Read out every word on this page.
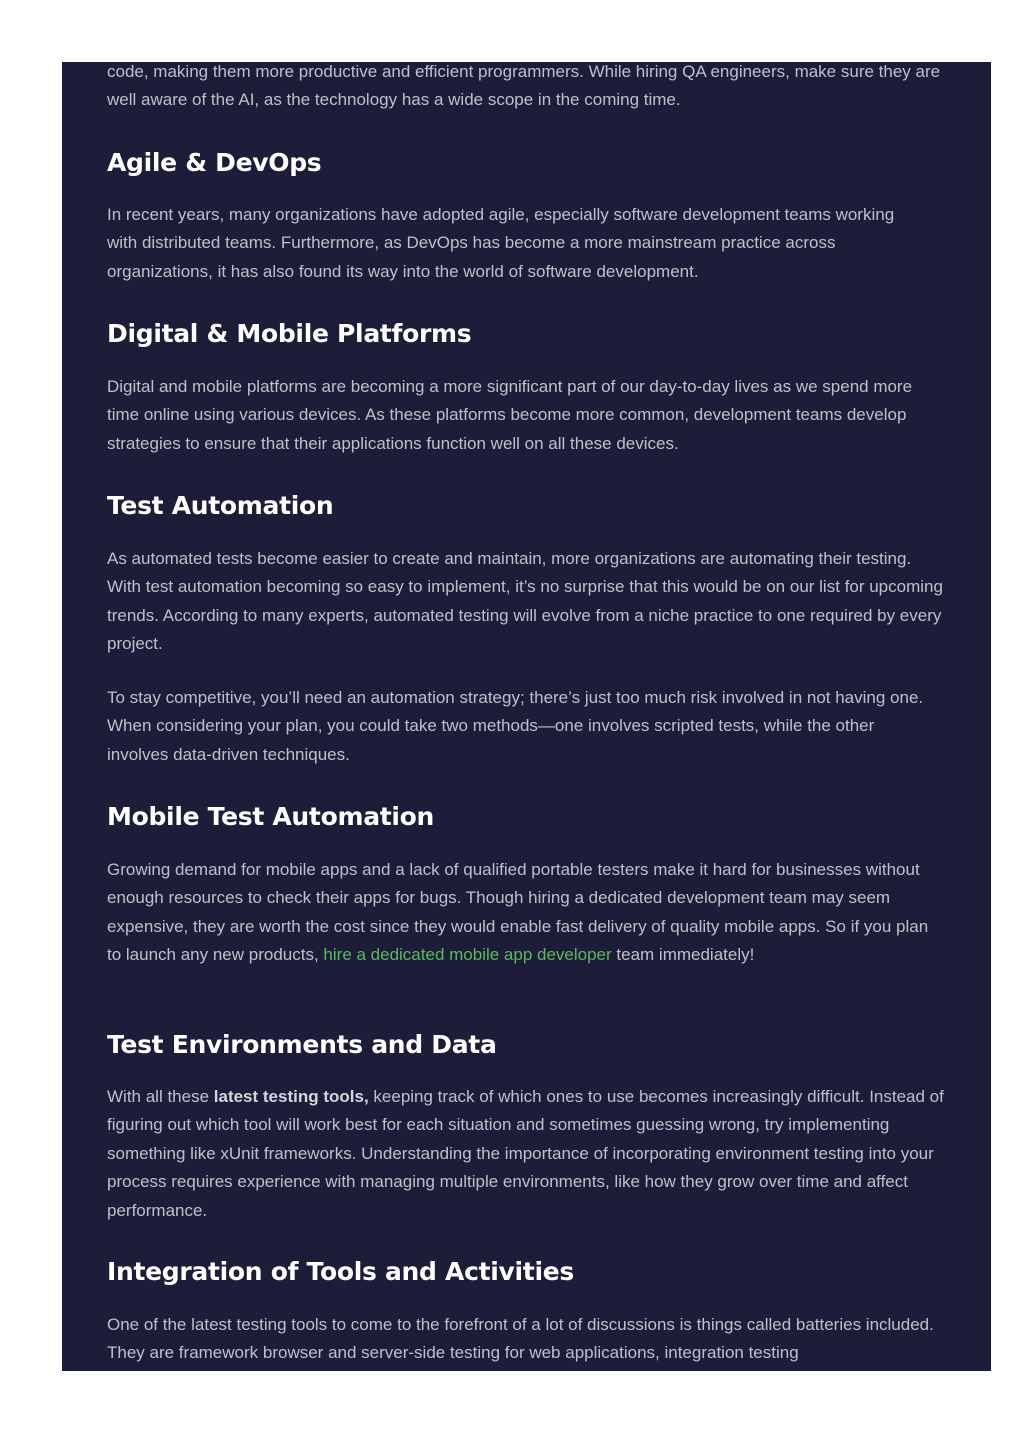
code, making them more productive and efficient programmers. While hiring QA engineers, make sure they are well aware of the AI, as the technology has a wide scope in the coming time.

Agile & DevOps

In recent years, many organizations have adopted agile, especially software development teams working with distributed teams. Furthermore, as DevOps has become a more mainstream practice across organizations, it has also found its way into the world of software development.

Digital & Mobile Platforms

Digital and mobile platforms are becoming a more significant part of our day-to-day lives as we spend more time online using various devices. As these platforms become more common, development teams develop strategies to ensure that their applications function well on all these devices.

Test Automation

As automated tests become easier to create and maintain, more organizations are automating their testing. With test automation becoming so easy to implement, it’s no surprise that this would be on our list for upcoming trends. According to many experts, automated testing will evolve from a niche practice to one required by every project.

To stay competitive, you’ll need an automation strategy; there’s just too much risk involved in not having one. When considering your plan, you could take two methods—one involves scripted tests, while the other involves data-driven techniques.

Mobile Test Automation

Growing demand for mobile apps and a lack of qualified portable testers make it hard for businesses without enough resources to check their apps for bugs. Though hiring a dedicated development team may seem expensive, they are worth the cost since they would enable fast delivery of quality mobile apps. So if you plan to launch any new products, hire a dedicated mobile app developer team immediately!

Test Environments and Data

With all these latest testing tools, keeping track of which ones to use becomes increasingly difficult. Instead of figuring out which tool will work best for each situation and sometimes guessing wrong, try implementing something like xUnit frameworks. Understanding the importance of incorporating environment testing into your process requires experience with managing multiple environments, like how they grow over time and affect performance.

Integration of Tools and Activities

One of the latest testing tools to come to the forefront of a lot of discussions is things called batteries included. They are framework browser and server-side testing for web applications, integration testing
